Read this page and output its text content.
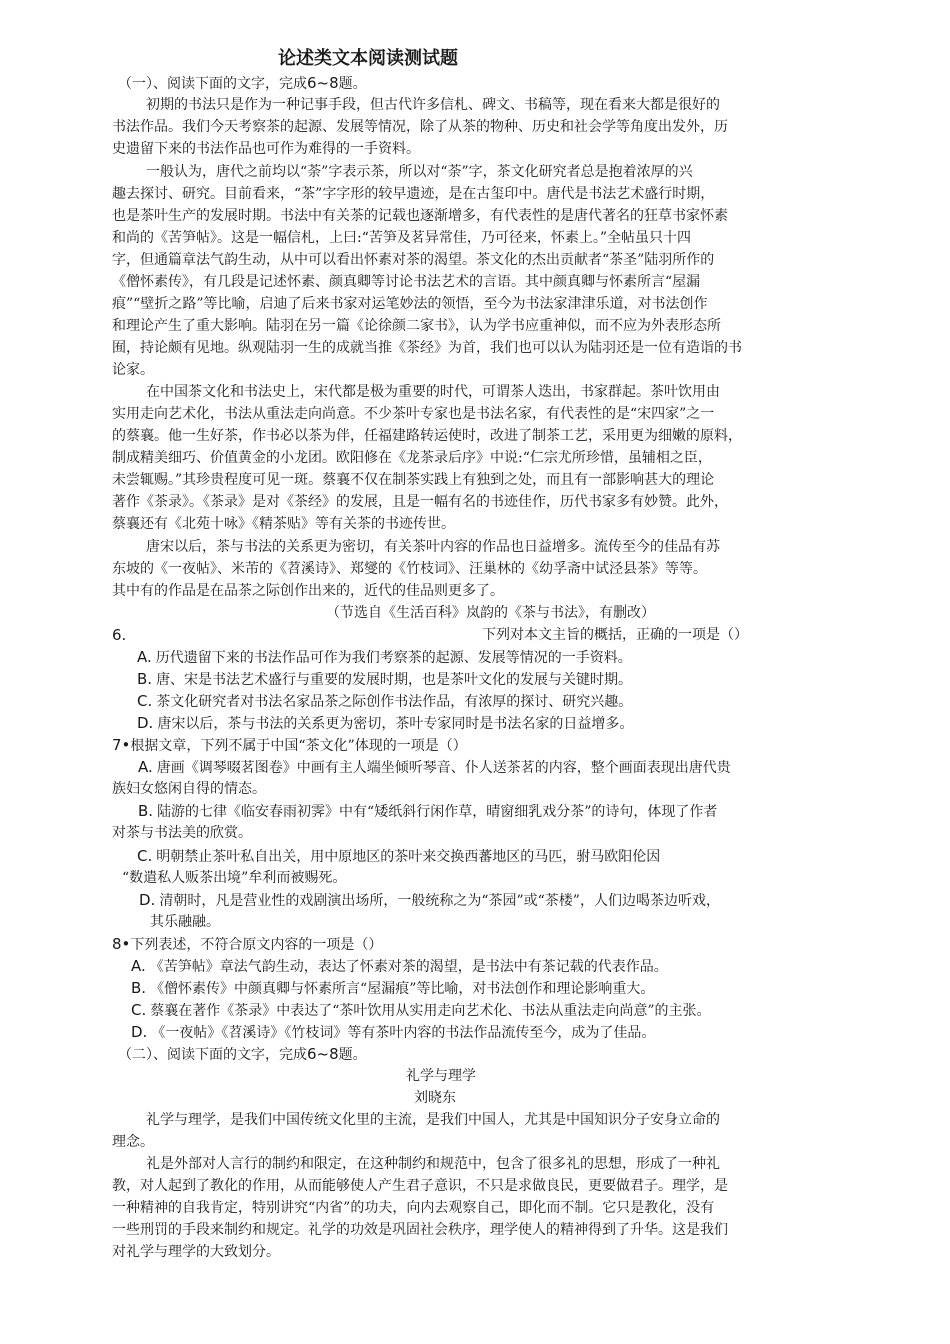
论述类文本阅读测试题
（一）、阅读下面的文字，完成6~8题。
初期的书法只是作为一种记事手段，但古代许多信札、碑文、书稿等，现在看来大都是很好的
书法作品。我们今天考察茶的起源、发展等情况，除了从茶的物种、历史和社会学等角度出发外，历
史遗留下来的书法作品也可作为难得的一手资料。
一般认为，唐代之前均以“荼”字表示茶，所以对“荼”字，茶文化研究者总是抱着浓厚的兴
趣去探讨、研究。目前看来，“茶”字字形的较早遗迹，是在古玺印中。唐代是书法艺术盛行时期，
也是茶叶生产的发展时期。书法中有关茶的记载也逐渐增多，有代表性的是唐代著名的狂草书家怀素
和尚的《苦笋帖》。这是一幅信札，上曰:“苦笋及茗异常佳，乃可径来，怀素上。”全帖虽只十四
字，但通篇章法气韵生动，从中可以看出怀素对茶的渴望。茶文化的杰出贡献者“茶圣”陆羽所作的
《僧怀素传》，有几段是记述怀素、颜真卿等讨论书法艺术的言语。其中颜真卿与怀素所言“屋漏
痕”“壁折之路”等比喻，启迪了后来书家对运笔妙法的领悟，至今为书法家津津乐道，对书法创作
和理论产生了重大影响。陆羽在另一篇《论徐颜二家书》，认为学书应重神似，而不应为外表形态所
囿，持论颇有见地。纵观陆羽一生的成就当推《茶经》为首，我们也可以认为陆羽还是一位有造诣的书
论家。
在中国茶文化和书法史上，宋代都是极为重要的时代，可谓茶人迭出，书家群起。茶叶饮用由
实用走向艺术化，书法从重法走向尚意。不少茶叶专家也是书法名家，有代表性的是“宋四家”之一
的蔡襄。他一生好茶，作书必以茶为伴，任福建路转运使时，改进了制茶工艺，采用更为细嫩的原料，
制成精美细巧、价值黄金的小龙团。欧阳修在《龙茶录后序》中说:“仁宗尤所珍惜，虽辅相之臣，
未尝辄赐。”其珍贵程度可见一斑。蔡襄不仅在制茶实践上有独到之处，而且有一部影响甚大的理论
著作《茶录》。《茶录》是对《茶经》的发展，且是一幅有名的书迹佳作，历代书家多有妙赞。此外，
蔡襄还有《北苑十咏》《精茶贴》等有关茶的书迹传世。
唐宋以后，茶与书法的关系更为密切，有关茶叶内容的作品也日益增多。流传至今的佳品有苏
东坡的《一夜帖》、米芾的《苕溪诗》、郑燮的《竹枝词》、汪巢林的《幼孚斋中试泾县茶》等等。
其中有的作品是在品茶之际创作出来的，近代的佳品则更多了。
（节选自《生活百科》岚韵的《茶与书法》，有删改）
6.	下列对本文主旨的概括，正确的一项是（）
A. 历代遗留下来的书法作品可作为我们考察茶的起源、发展等情况的一手资料。
B. 唐、宋是书法艺术盛行与重要的发展时期，也是茶叶文化的发展与关键时期。
C. 茶文化研究者对书法名家品茶之际创作书法作品，有浓厚的探讨、研究兴趣。
D. 唐宋以后，茶与书法的关系更为密切，茶叶专家同时是书法名家的日益增多。
7•根据文章，下列不属于中国“茶文化”体现的一项是（）
A. 唐画《调琴啜茗图卷》中画有主人端坐倾听琴音、仆人送茶茗的内容，整个画面表现出唐代贵
族妇女悠闲自得的情态。
B. 陆游的七律《临安春雨初霁》中有“矮纸斜行闲作草，晴窗细乳戏分茶”的诗句，体现了作者
对茶与书法美的欣赏。
C. 明朝禁止茶叶私自出关，用中原地区的茶叶来交换西蕃地区的马匹，驸马欧阳伦因
“数遣私人贩茶出境”牟利而被赐死。
D. 清朝时，凡是营业性的戏剧演出场所，一般统称之为“茶园”或“茶楼”，人们边喝茶边听戏，
其乐融融。
8•下列表述，不符合原文内容的一项是（）
A. 《苦笋帖》章法气韵生动，表达了怀素对茶的渴望，是书法中有茶记载的代表作品。
B. 《僧怀素传》中颜真卿与怀素所言“屋漏痕”等比喻，对书法创作和理论影响重大。
C. 蔡襄在著作《茶录》中表达了“茶叶饮用从实用走向艺术化、书法从重法走向尚意”的主张。
D. 《一夜帖》《苕溪诗》《竹枝词》等有茶叶内容的书法作品流传至今，成为了佳品。
（二）、阅读下面的文字，完成6~8题。
礼学与理学
刘晓东
礼学与理学，是我们中国传统文化里的主流，是我们中国人，尤其是中国知识分子安身立命的
理念。
礼是外部对人言行的制约和限定，在这种制约和规范中，包含了很多礼的思想，形成了一种礼
教，对人起到了教化的作用，从而能够使人产生君子意识，不只是求做良民，更要做君子。理学，是
一种精神的自我肯定，特别讲究“内省”的功夫，向内去观察自己，即化而不制。它只是教化，没有
一些刑罚的手段来制约和规定。礼学的功效是巩固社会秩序，理学使人的精神得到了升华。这是我们
对礼学与理学的大致划分。
